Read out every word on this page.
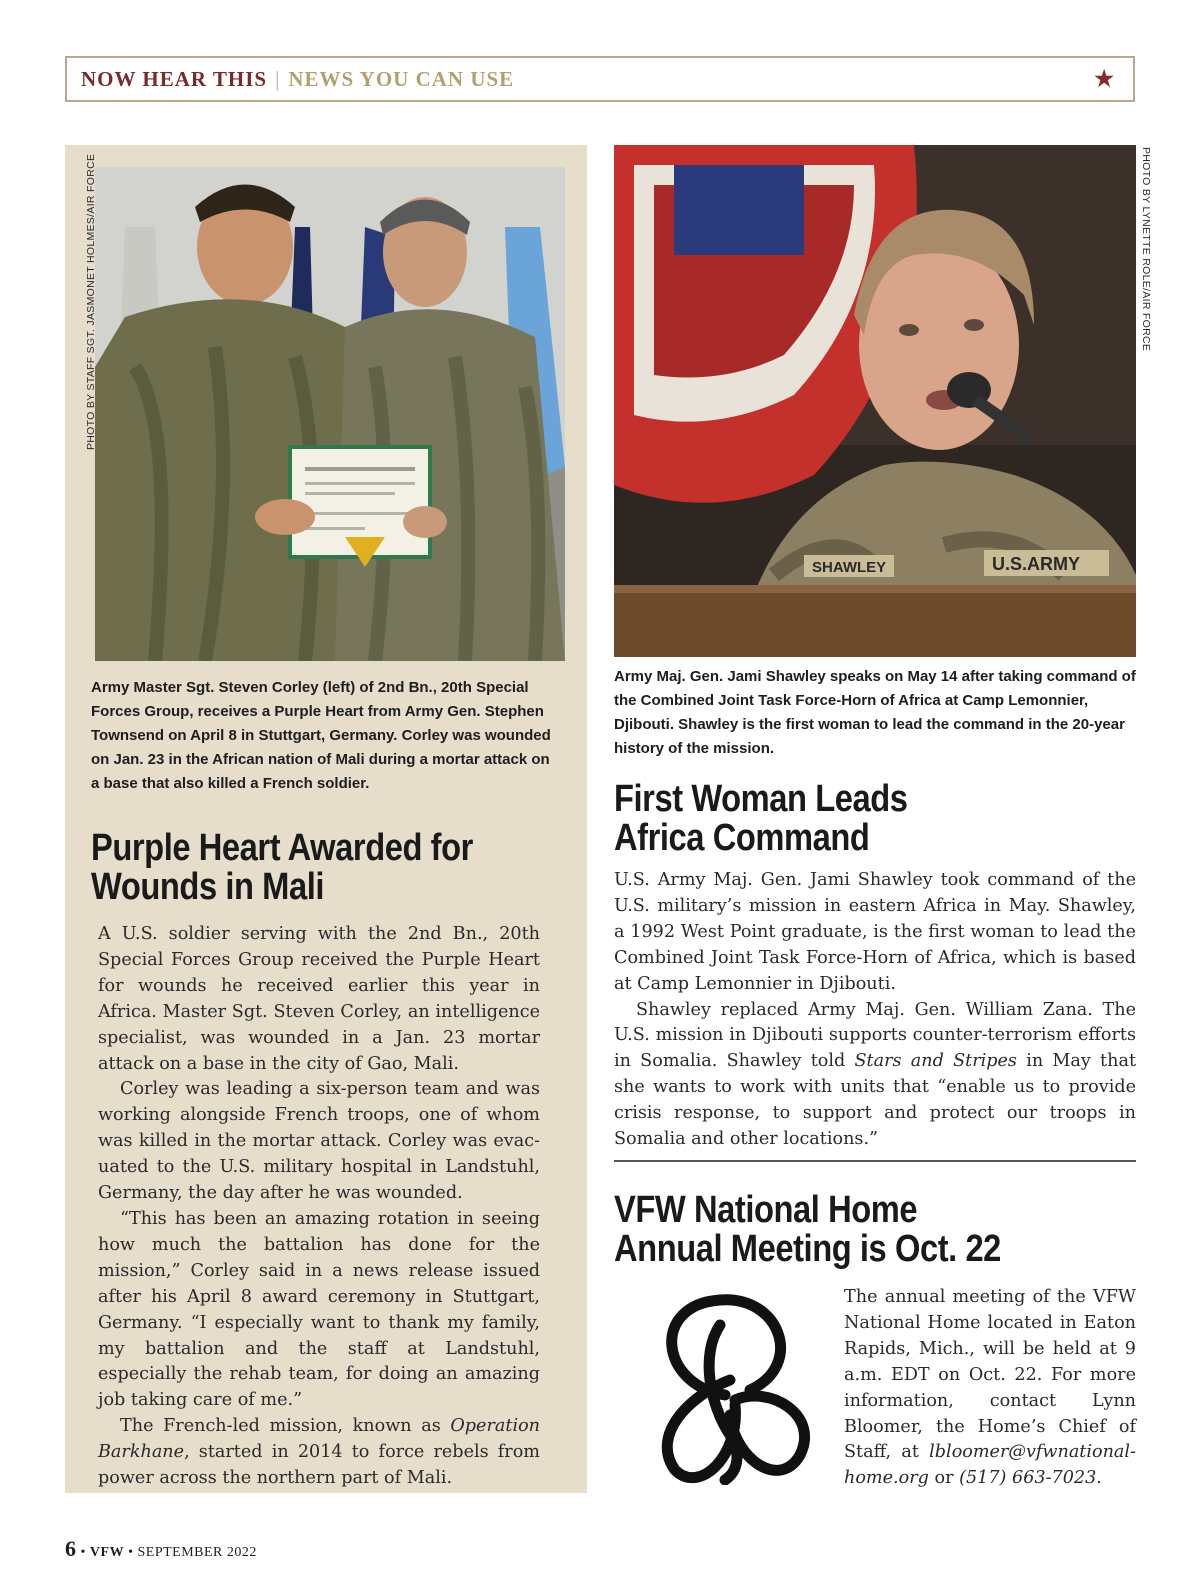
NOW HEAR THIS | NEWS YOU CAN USE	★
PHOTO BY STAFF SGT. JASMONET HOLMES/AIR FORCE
Army Master Sgt. Steven Corley (left) of 2nd Bn., 20th Special Forces Group, receives a Purple Heart from Army Gen. Stephen Townsend on April 8 in Stuttgart, Germany. Corley was wounded on Jan. 23 in the African nation of Mali during a mortar attack on a base that also killed a French soldier.
Purple Heart Awarded for
Wounds in Mali

A U.S. soldier serving with the 2nd Bn., 20th Special Forces Group received the Purple Heart for wounds he received earlier this year in Africa. Master Sgt. Steven Corley, an intelligence specialist, was wounded in a Jan. 23 mortar attack on a base in the city of Gao, Mali.

Corley was leading a six-person team and was working alongside French troops, one of whom was killed in the mortar attack. Corley was evacuated to the U.S. military hospital in Landstuhl, Germany, the day after he was wounded.

“This has been an amazing rotation in seeing how much the battalion has done for the mission,” Corley said in a news release issued after his April 8 award ceremony in Stuttgart, Germany. “I especially want to thank my family, my battalion and the staff at Landstuhl, especially the rehab team, for doing an amazing job taking care of me.”

The French-led mission, known as Operation Barkhane, started in 2014 to force rebels from power across the northern part of Mali.

SHAWLEY	U.S.ARMY
PHOTO BY LYNETTE ROLE/AIR FORCE
Army Maj. Gen. Jami Shawley speaks on May 14 after taking command of the Combined Joint Task Force-Horn of Africa at Camp Lemonnier, Djibouti. Shawley is the first woman to lead the command in the 20-year history of the mission.
First Woman Leads
Africa Command

U.S. Army Maj. Gen. Jami Shawley took command of the U.S. military’s mission in eastern Africa in May. Shawley, a 1992 West Point graduate, is the first woman to lead the Combined Joint Task Force-Horn of Africa, which is based at Camp Lemonnier in Djibouti.

Shawley replaced Army Maj. Gen. William Zana. The U.S. mission in Djibouti supports counter-terrorism efforts in Somalia. Shawley told Stars and Stripes in May that she wants to work with units that “enable us to provide crisis response, to support and protect our troops in Somalia and other locations.”

VFW National Home
Annual Meeting is Oct. 22

The annual meeting of the VFW National Home located in Eaton Rapids, Mich., will be held at 9 a.m. EDT on Oct. 22. For more information, contact Lynn Bloomer, the Home’s Chief of Staff, at lbloomer@vfwnationalhome.org or (517) 663-7023.

6 • VFW • SEPTEMBER 2022
